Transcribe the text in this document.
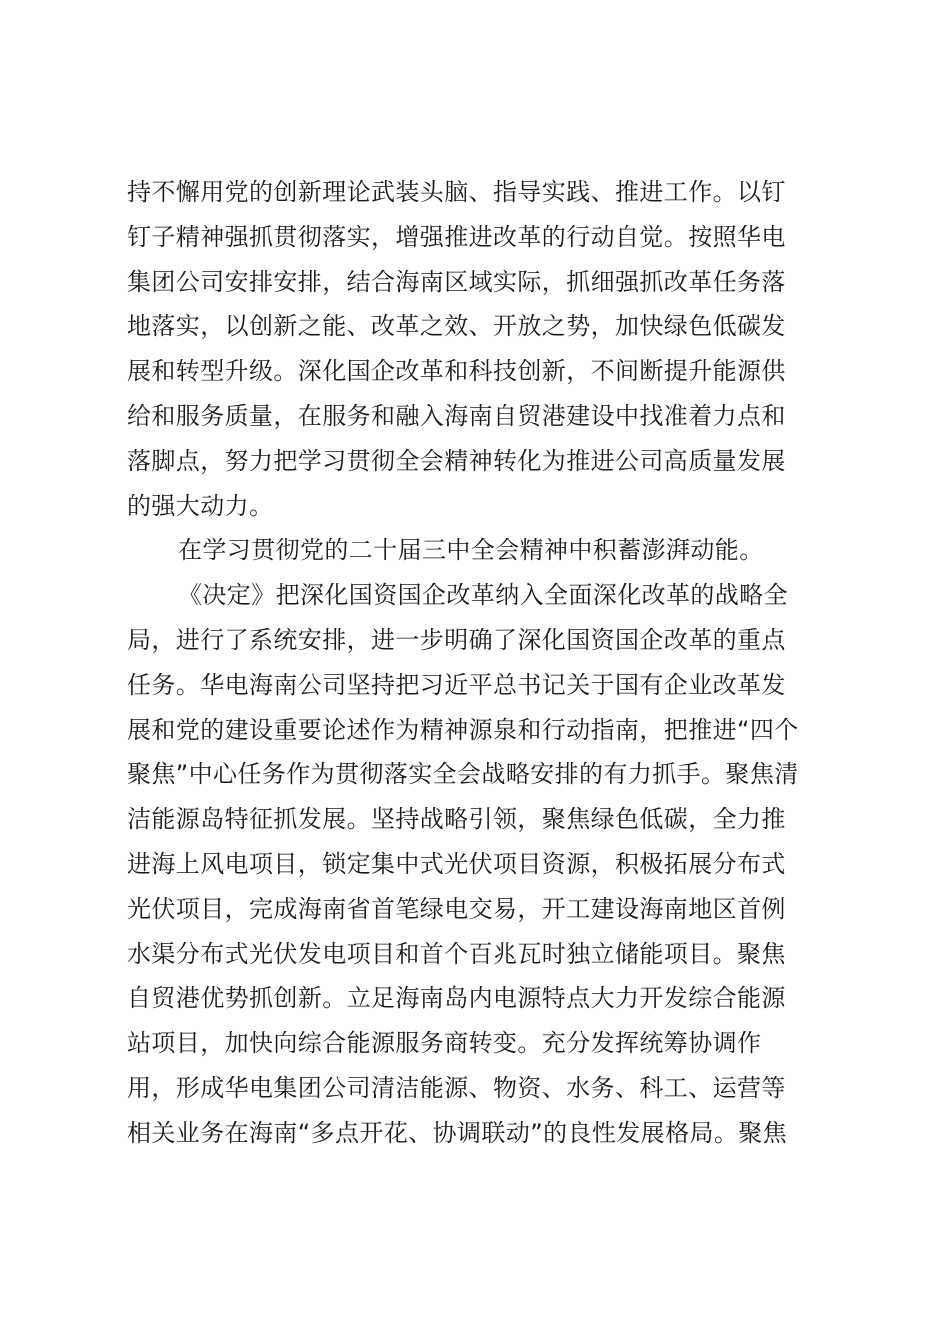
持不懈用党的创新理论武装头脑、指导实践、推进工作。以钉
钉子精神强抓贯彻落实，增强推进改革的行动自觉。按照华电
集团公司安排安排，结合海南区域实际，抓细强抓改革任务落
地落实，以创新之能、改革之效、开放之势，加快绿色低碳发
展和转型升级。深化国企改革和科技创新，不间断提升能源供
给和服务质量，在服务和融入海南自贸港建设中找准着力点和
落脚点，努力把学习贯彻全会精神转化为推进公司高质量发展
的强大动力。
在学习贯彻党的二十届三中全会精神中积蓄澎湃动能。
《决定》把深化国资国企改革纳入全面深化改革的战略全
局，进行了系统安排，进一步明确了深化国资国企改革的重点
任务。华电海南公司坚持把习近平总书记关于国有企业改革发
展和党的建设重要论述作为精神源泉和行动指南，把推进“四个
聚焦”中心任务作为贯彻落实全会战略安排的有力抓手。聚焦清
洁能源岛特征抓发展。坚持战略引领，聚焦绿色低碳，全力推
进海上风电项目，锁定集中式光伏项目资源，积极拓展分布式
光伏项目，完成海南省首笔绿电交易，开工建设海南地区首例
水渠分布式光伏发电项目和首个百兆瓦时独立储能项目。聚焦
自贸港优势抓创新。立足海南岛内电源特点大力开发综合能源
站项目，加快向综合能源服务商转变。充分发挥统筹协调作
用，形成华电集团公司清洁能源、物资、水务、科工、运营等
相关业务在海南“多点开花、协调联动”的良性发展格局。聚焦
